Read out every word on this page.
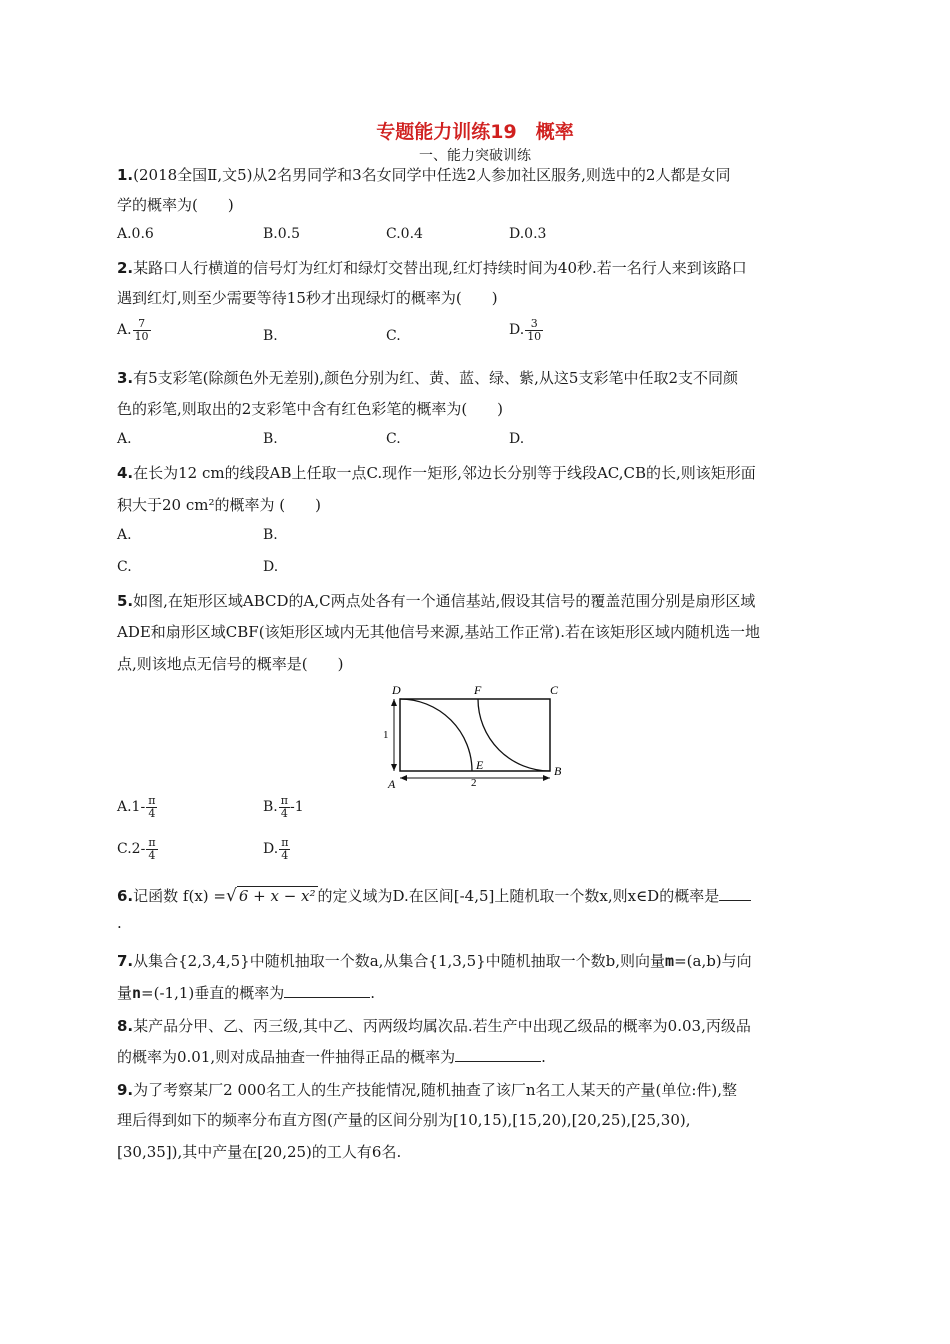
专题能力训练19　概率
一、能力突破训练
1.(2018全国Ⅱ,文5)从2名男同学和3名女同学中任选2人参加社区服务,则选中的2人都是女同
学的概率为(　　)
A.0.6	B.0.5	C.0.4	D.0.3
2.某路口人行横道的信号灯为红灯和绿灯交替出现,红灯持续时间为40秒.若一名行人来到该路口
遇到红灯,则至少需要等待15秒才出现绿灯的概率为(　　)
A. $\frac{7}{10}$	B.	C.	D. $\frac{3}{10}$
3.有5支彩笔(除颜色外无差别),颜色分别为红、黄、蓝、绿、紫,从这5支彩笔中任取2支不同颜
色的彩笔,则取出的2支彩笔中含有红色彩笔的概率为(　　)
A.	B.	C.	D.
4.在长为12 cm的线段AB上任取一点C.现作一矩形,邻边长分别等于线段AC,CB的长,则该矩形面
积大于20 cm²的概率为 (　　)
A.	B.
C.	D.
5.如图,在矩形区域ABCD的A,C两点处各有一个通信基站,假设其信号的覆盖范围分别是扇形区域
ADE和扇形区域CBF(该矩形区域内无其他信号来源,基站工作正常).若在该矩形区域内随机选一地
点,则该地点无信号的概率是(　　)
D	F	C
A
E	B
1
2
$A.1- \frac{\pi}{4}$	B. $\frac{\pi}{4} -1$
$C.2- \frac{\pi}{4}$	D. $\frac{\pi}{4}$
6.记函数 f(x) =√ 6 + x − x² 的定义域为D.在区间[-4,5]上随机取一个数x,则x∈D的概率是
.
7.从集合{2,3,4,5}中随机抽取一个数a,从集合{1,3,5}中随机抽取一个数b,则向量m=(a,b)与向
量n=(-1,1)垂直的概率为	.
8.某产品分甲、乙、丙三级,其中乙、丙两级均属次品.若生产中出现乙级品的概率为0.03,丙级品
的概率为0.01,则对成品抽查一件抽得正品的概率为	.
9.为了考察某厂2 000名工人的生产技能情况,随机抽查了该厂n名工人某天的产量(单位:件),整
理后得到如下的频率分布直方图(产量的区间分别为[10,15),[15,20),[20,25),[25,30),
[30,35]),其中产量在[20,25)的工人有6名.
